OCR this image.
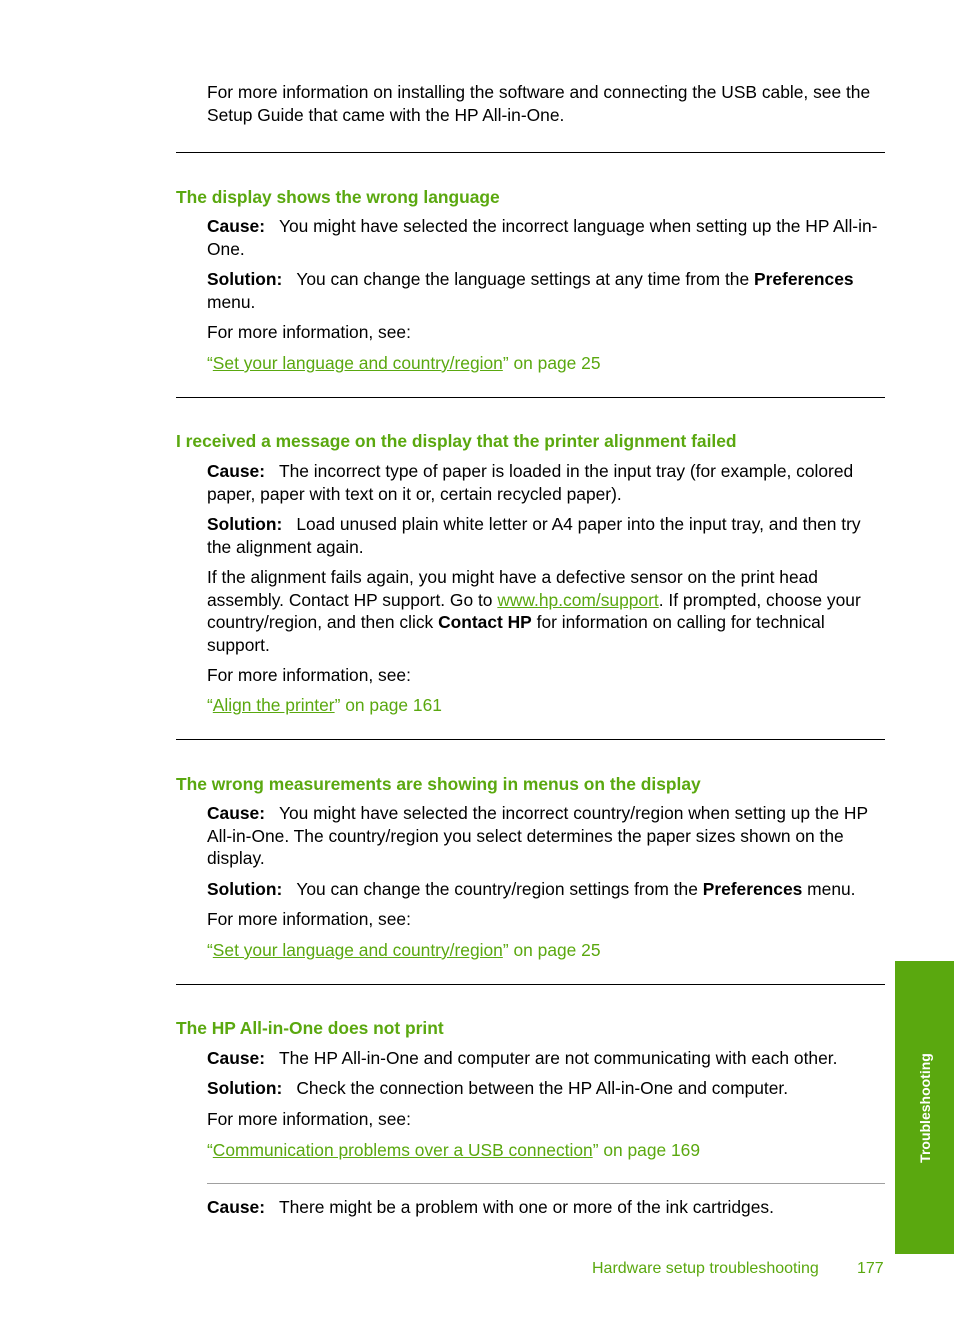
For more information on installing the software and connecting the USB cable, see the Setup Guide that came with the HP All-in-One.

The display shows the wrong language

Cause: You might have selected the incorrect language when setting up the HP All-in-One.

Solution: You can change the language settings at any time from the Preferences menu.

For more information, see:

“Set your language and country/region” on page 25

I received a message on the display that the printer alignment failed

Cause: The incorrect type of paper is loaded in the input tray (for example, colored paper, paper with text on it or, certain recycled paper).

Solution: Load unused plain white letter or A4 paper into the input tray, and then try the alignment again.

If the alignment fails again, you might have a defective sensor on the print head assembly. Contact HP support. Go to www.hp.com/support. If prompted, choose your country/region, and then click Contact HP for information on calling for technical support.

For more information, see:

“Align the printer” on page 161

The wrong measurements are showing in menus on the display

Cause: You might have selected the incorrect country/region when setting up the HP All-in-One. The country/region you select determines the paper sizes shown on the display.

Solution: You can change the country/region settings from the Preferences menu.

For more information, see:

“Set your language and country/region” on page 25

The HP All-in-One does not print

Cause: The HP All-in-One and computer are not communicating with each other.

Solution: Check the connection between the HP All-in-One and computer.

For more information, see:

“Communication problems over a USB connection” on page 169

Cause: There might be a problem with one or more of the ink cartridges.

Troubleshooting
Hardware setup troubleshooting 177
